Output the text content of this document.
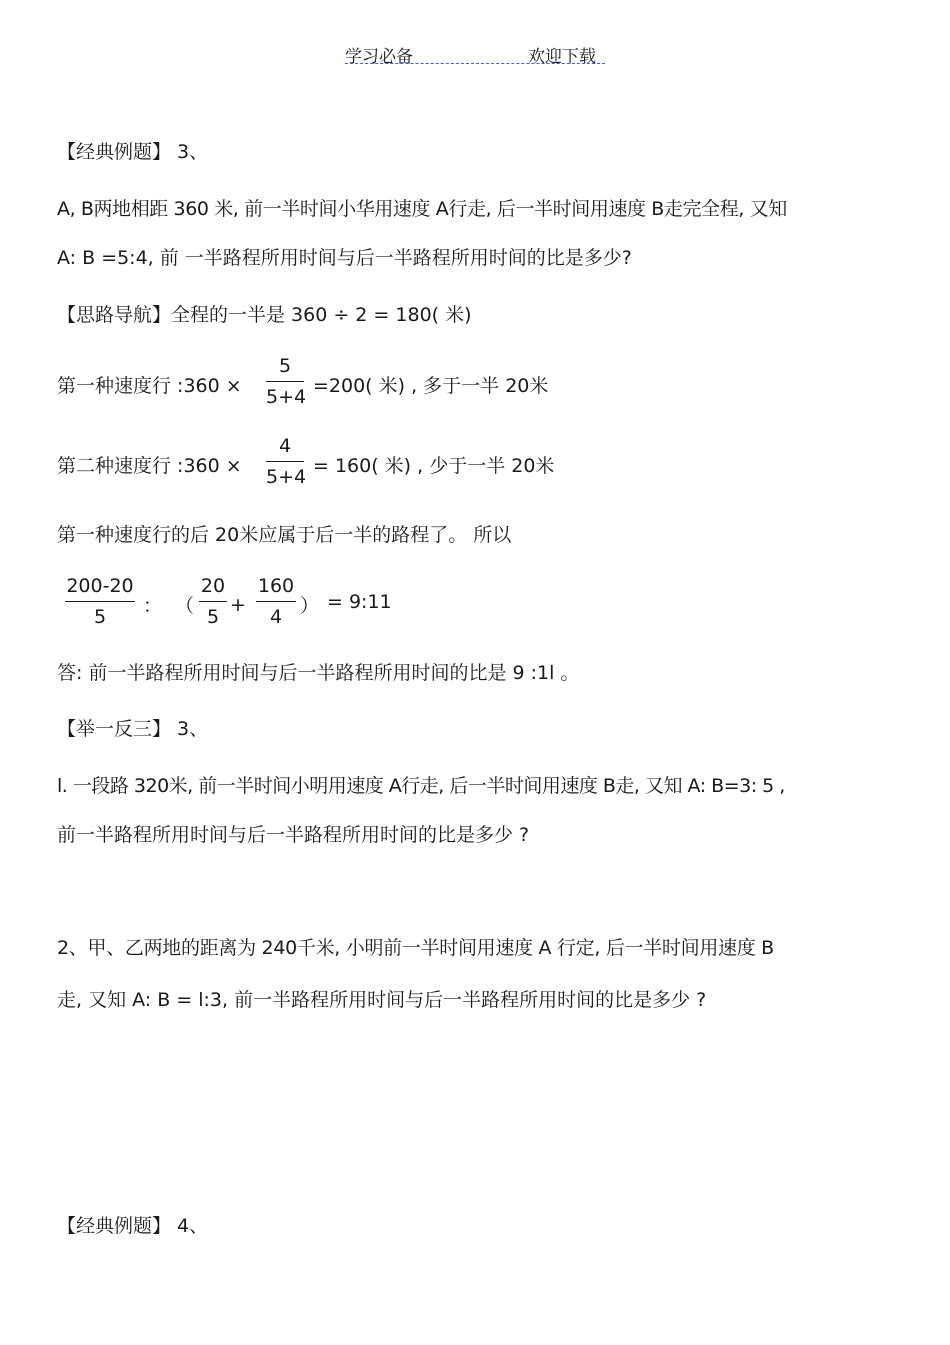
学习必备	欢迎下载
【经典例题】 3、
A, B两地相距 360 米, 前一半时间小华用速度 A行走, 后一半时间用速度 B走完全程, 又知
A: B =5:4, 前 一半路程所用时间与后一半路程所用时间的比是多少?
【思路导航】全程的一半是 360 ÷ 2 = 180( 米)
第一种速度行 :360 ×
5
5+4 =200( 米) , 多于一半 20米
第二种速度行 :360 ×
4
5+4 = 160( 米) , 少于一半 20米
第一种速度行的后 20米应属于后一半的路程了。 所以
200-20
5	： （
20
5
+
160
4 ） = 9:11
答: 前一半路程所用时间与后一半路程所用时间的比是 9 :1l 。
【举一反三】 3、
l. 一段路 320米, 前一半时间小明用速度 A行走, 后一半时间用速度 B走, 又知 A: B=3: 5 ,
前一半路程所用时间与后一半路程所用时间的比是多少 ?
2、甲、乙两地的距离为 240千米, 小明前一半时间用速度 A 行定, 后一半时间用速度 B
走, 又知 A: B = l:3, 前一半路程所用时间与后一半路程所用时间的比是多少 ?
【经典例题】 4、
